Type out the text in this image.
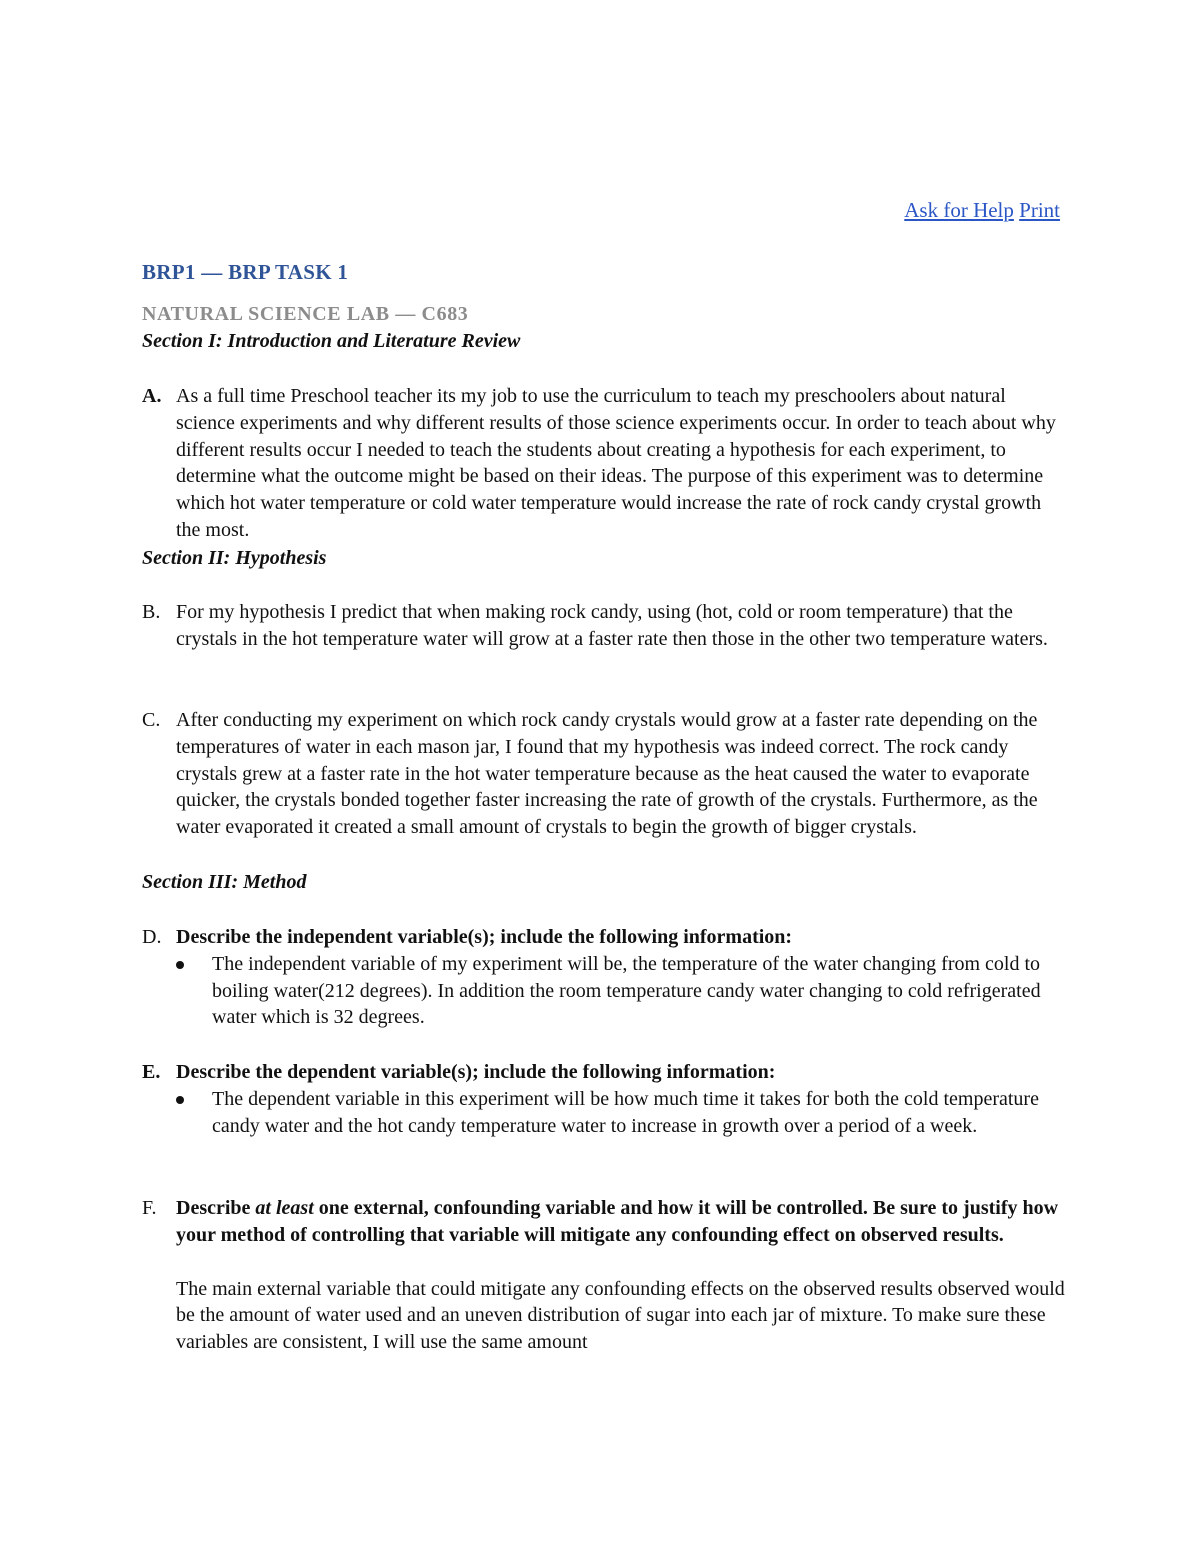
Ask for Help Print
BRP1 — BRP TASK 1
NATURAL SCIENCE LAB — C683
Section I: Introduction and Literature Review
A. As a full time Preschool teacher its my job to use the curriculum to teach my preschoolers about natural science experiments and why different results of those science experiments occur. In order to teach about why different results occur I needed to teach the students about creating a hypothesis for each experiment, to determine what the outcome might be based on their ideas. The purpose of this experiment was to determine which hot water temperature or cold water temperature would increase the rate of rock candy crystal growth the most.
Section II: Hypothesis
B. For my hypothesis I predict that when making rock candy, using (hot, cold or room temperature) that the crystals in the hot temperature water will grow at a faster rate then those in the other two temperature waters.
C. After conducting my experiment on which rock candy crystals would grow at a faster rate depending on the temperatures of water in each mason jar, I found that my hypothesis was indeed correct. The rock candy crystals grew at a faster rate in the hot water temperature because as the heat caused the water to evaporate quicker, the crystals bonded together faster increasing the rate of growth of the crystals. Furthermore, as the water evaporated it created a small amount of crystals to begin the growth of bigger crystals.
Section III: Method
D. Describe the independent variable(s); include the following information:
The independent variable of my experiment will be, the temperature of the water changing from cold to boiling water(212 degrees). In addition the room temperature candy water changing to cold refrigerated water which is 32 degrees.
E. Describe the dependent variable(s); include the following information:
The dependent variable in this experiment will be how much time it takes for both the cold temperature candy water and the hot candy temperature water to increase in growth over a period of a week.
F. Describe at least one external, confounding variable and how it will be controlled. Be sure to justify how your method of controlling that variable will mitigate any confounding effect on observed results.
The main external variable that could mitigate any confounding effects on the observed results observed would be the amount of water used and an uneven distribution of sugar into each jar of mixture. To make sure these variables are consistent, I will use the same amount
